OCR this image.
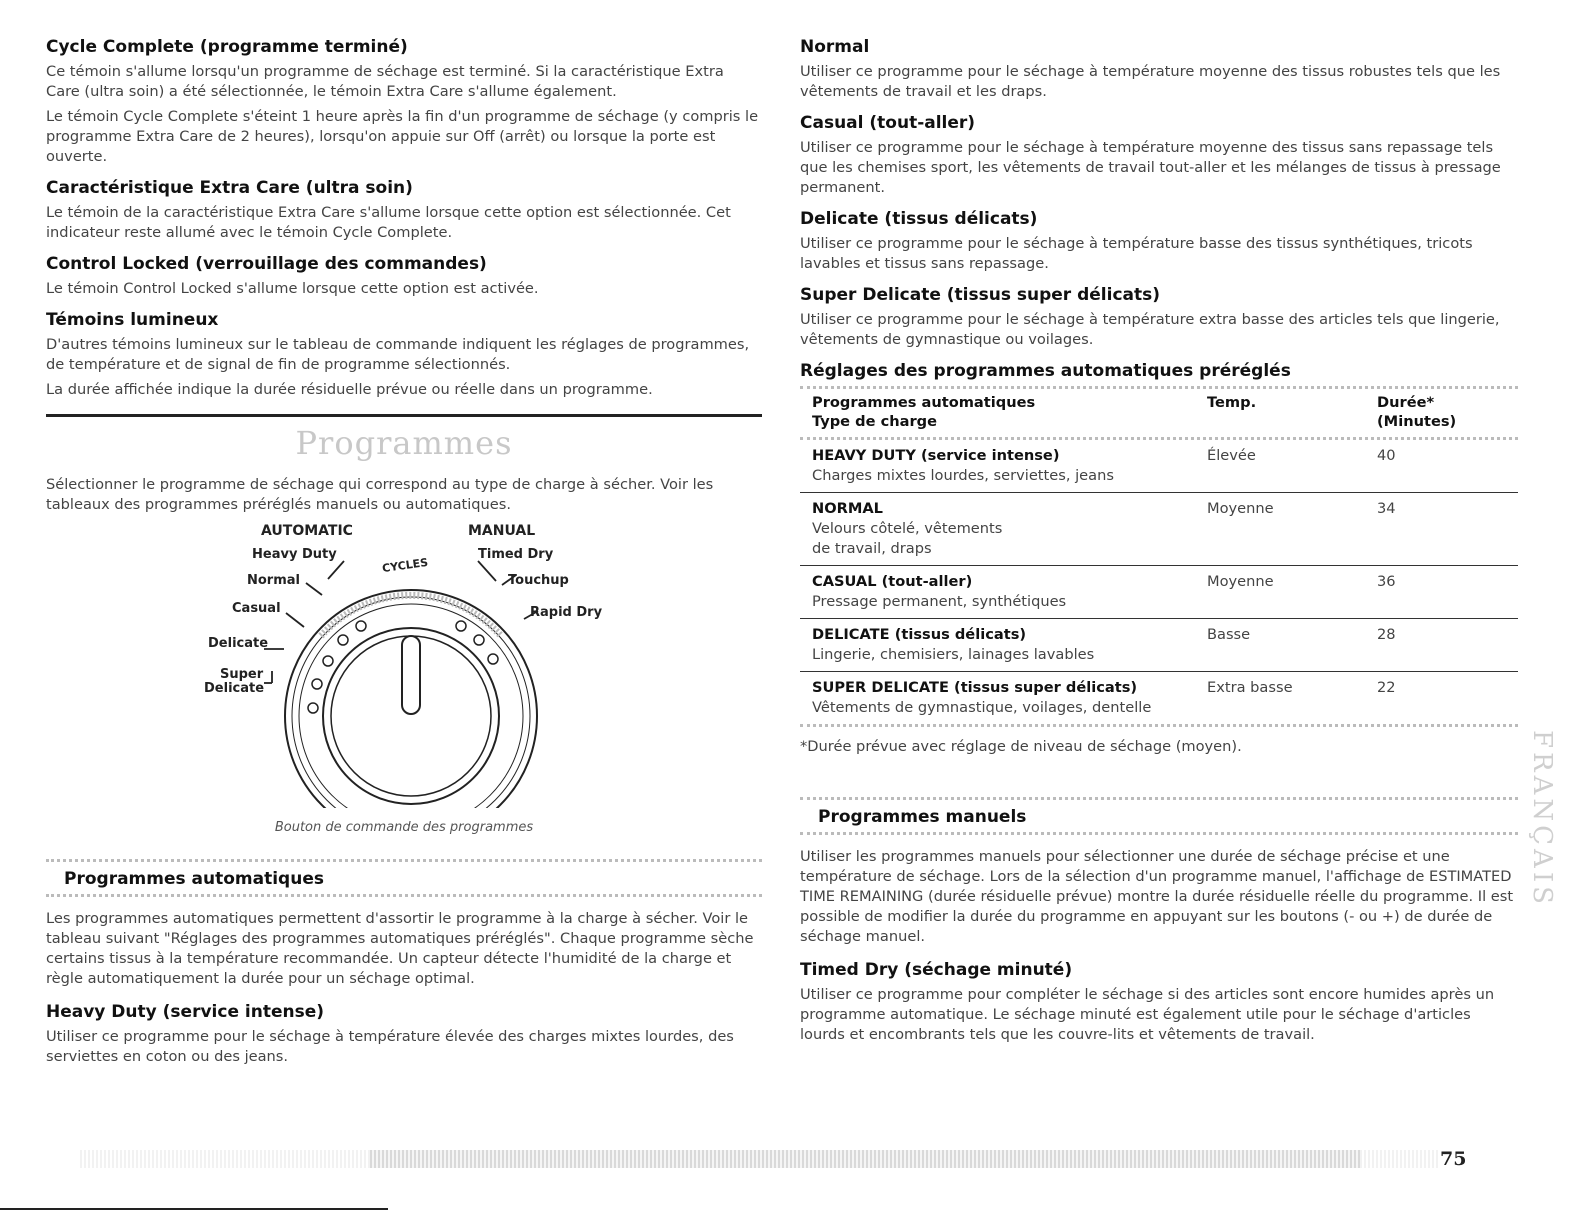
Cycle Complete (programme terminé)

Ce témoin s'allume lorsqu'un programme de séchage est terminé. Si la caractéristique Extra Care (ultra soin) a été sélectionnée, le témoin Extra Care s'allume également.

Le témoin Cycle Complete s'éteint 1 heure après la fin d'un programme de séchage (y compris le programme Extra Care de 2 heures), lorsqu'on appuie sur Off (arrêt) ou lorsque la porte est ouverte.

Caractéristique Extra Care (ultra soin)

Le témoin de la caractéristique Extra Care s'allume lorsque cette option est sélectionnée. Cet indicateur reste allumé avec le témoin Cycle Complete.

Control Locked (verrouillage des commandes)

Le témoin Control Locked s'allume lorsque cette option est activée.

Témoins lumineux

D'autres témoins lumineux sur le tableau de commande indiquent les réglages de programmes, de température et de signal de fin de programme sélectionnés.

La durée affichée indique la durée résiduelle prévue ou réelle dans un programme.

Programmes

Sélectionner le programme de séchage qui correspond au type de charge à sécher. Voir les tableaux des programmes préréglés manuels ou automatiques.

AUTOMATIC	MANUAL
CYCLES
Heavy Duty
Normal
Casual
Delicate
Super
Delicate
Timed Dry
Touchup
Rapid Dry
Bouton de commande des programmes
Programmes automatiques

Les programmes automatiques permettent d'assortir le programme à la charge à sécher. Voir le tableau suivant "Réglages des programmes automatiques préréglés". Chaque programme sèche certains tissus à la température recommandée. Un capteur détecte l'humidité de la charge et règle automatiquement la durée pour un séchage optimal.

Heavy Duty (service intense)

Utiliser ce programme pour le séchage à température élevée des charges mixtes lourdes, des serviettes en coton ou des jeans.

Normal

Utiliser ce programme pour le séchage à température moyenne des tissus robustes tels que les vêtements de travail et les draps.

Casual (tout-aller)

Utiliser ce programme pour le séchage à température moyenne des tissus sans repassage tels que les chemises sport, les vêtements de travail tout-aller et les mélanges de tissus à pressage permanent.

Delicate (tissus délicats)

Utiliser ce programme pour le séchage à température basse des tissus synthétiques, tricots lavables et tissus sans repassage.

Super Delicate (tissus super délicats)

Utiliser ce programme pour le séchage à température extra basse des articles tels que lingerie, vêtements de gymnastique ou voilages.

Réglages des programmes automatiques préréglés
Programmes automatiques
Type de charge
Temp.	Durée*
(Minutes)
HEAVY DUTY (service intense)
Charges mixtes lourdes, serviettes, jeans
Élevée	40
NORMAL
Velours côtelé, vêtements
de travail, draps
Moyenne	34
CASUAL (tout-aller)
Pressage permanent, synthétiques
Moyenne	36
DELICATE (tissus délicats)
Lingerie, chemisiers, lainages lavables
Basse	28
SUPER DELICATE (tissus super délicats)
Vêtements de gymnastique, voilages, dentelle
Extra basse	22

*Durée prévue avec réglage de niveau de séchage (moyen).

Programmes manuels

Utiliser les programmes manuels pour sélectionner une durée de séchage précise et une température de séchage. Lors de la sélection d'un programme manuel, l'affichage de ESTIMATED TIME REMAINING (durée résiduelle prévue) montre la durée résiduelle réelle du programme. Il est possible de modifier la durée du programme en appuyant sur les boutons (- ou +) de durée de séchage manuel.

Timed Dry (séchage minuté)

Utiliser ce programme pour compléter le séchage si des articles sont encore humides après un programme automatique. Le séchage minuté est également utile pour le séchage d'articles lourds et encombrants tels que les couvre-lits et vêtements de travail.

FRANÇAIS
75
